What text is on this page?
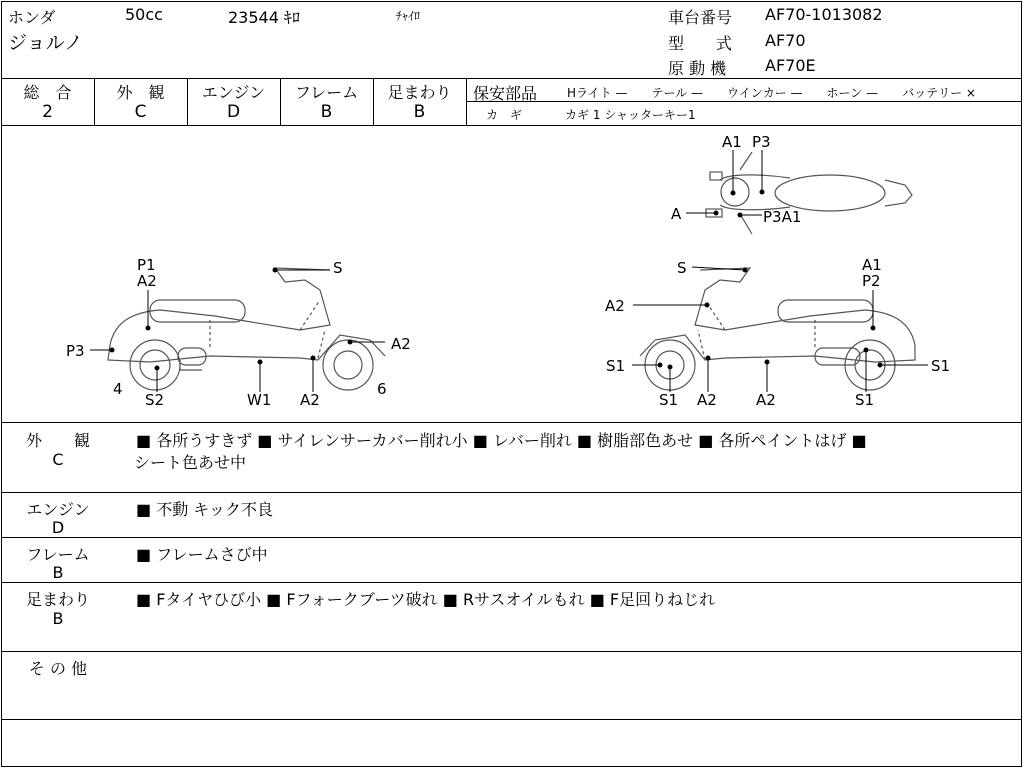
ホンダ	50cc	23544 ｷﾛ	ﾁｬｲﾛ
ジョルノ
車台番号 AF70-1013082
型　　式 AF70
原 動 機 AF70E
総　合
2
外　観
C
エンジン
D
フレーム
B
足まわり
B
保安部品 Hライト —　　テール —　　ウインカー —　　ホーン —　　バッテリー ×
カ　ギ	カギ 1 シャッターキー1
P1
A2
S
P3	A2
4
S2	W1 A2
6
A1 P3
A	P3A1
S	A1
P2
A2
S1	S1
S1 A2	A2	S1
外　　観
C
■ 各所うすきず ■ サイレンサーカバー削れ小 ■ レバー削れ ■ 樹脂部色あせ ■ 各所ペイントはげ ■
シート色あせ中
エンジン
D
■ 不動 キック不良
フレーム
B
■ フレームさび中
足まわり
B
■ Fタイヤひび小 ■ Fフォークブーツ破れ ■ Rサスオイルもれ ■ F足回りねじれ
そ の 他
